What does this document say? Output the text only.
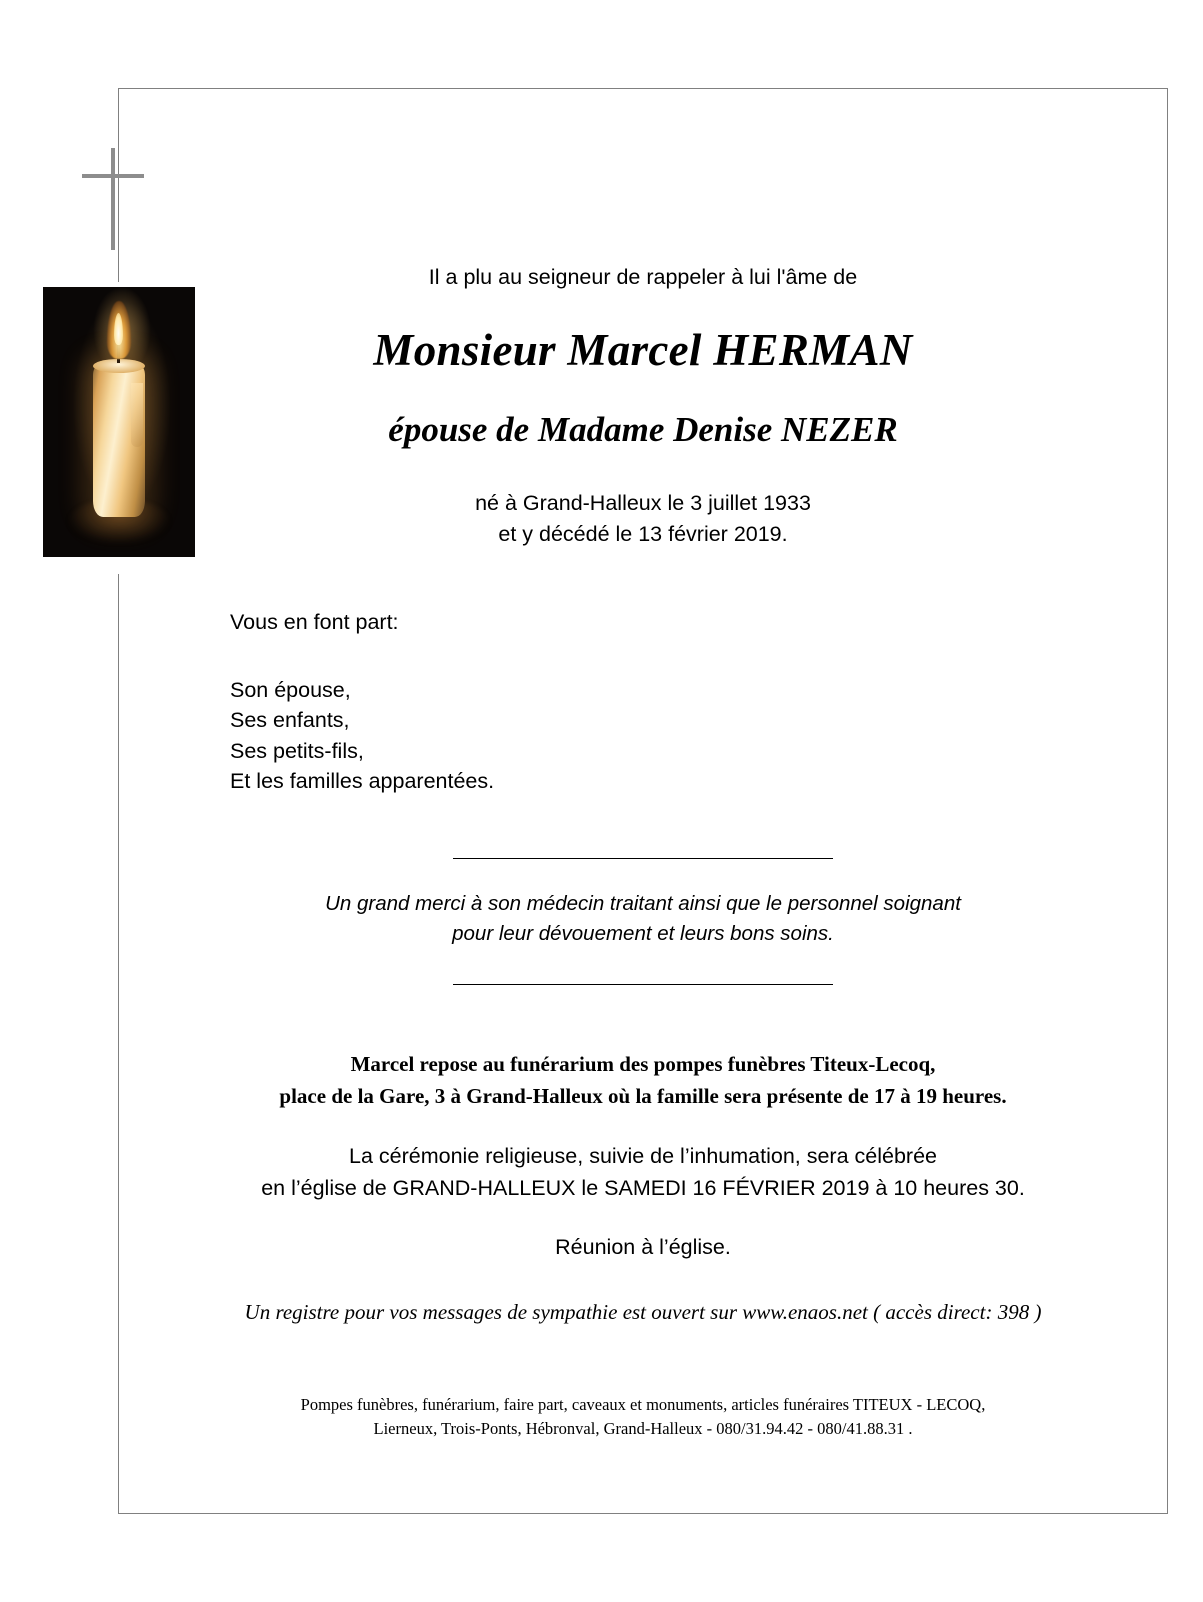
Il a plu au seigneur de rappeler à lui l'âme de

Monsieur Marcel HERMAN
épouse de Madame Denise NEZER

né à Grand-Halleux le 3 juillet 1933

et y décédé le 13 février 2019.

Vous en font part:

Son épouse,

Ses enfants,

Ses petits-fils,

Et les familles apparentées.

Un grand merci à son médecin traitant ainsi que le personnel soignant

pour leur dévouement et leurs bons soins.

Marcel repose au funérarium des pompes funèbres Titeux-Lecoq,

place de la Gare, 3 à Grand-Halleux où la famille sera présente de 17 à 19 heures.

La cérémonie religieuse, suivie de l’inhumation, sera célébrée

en l’église de GRAND-HALLEUX le SAMEDI 16 FÉVRIER 2019 à 10 heures 30.

Réunion à l’église.

Un registre pour vos messages de sympathie est ouvert sur www.enaos.net ( accès direct: 398 )

Pompes funèbres, funérarium, faire part, caveaux et monuments, articles funéraires TITEUX - LECOQ,

Lierneux, Trois-Ponts, Hébronval, Grand-Halleux - 080/31.94.42 - 080/41.88.31 .
